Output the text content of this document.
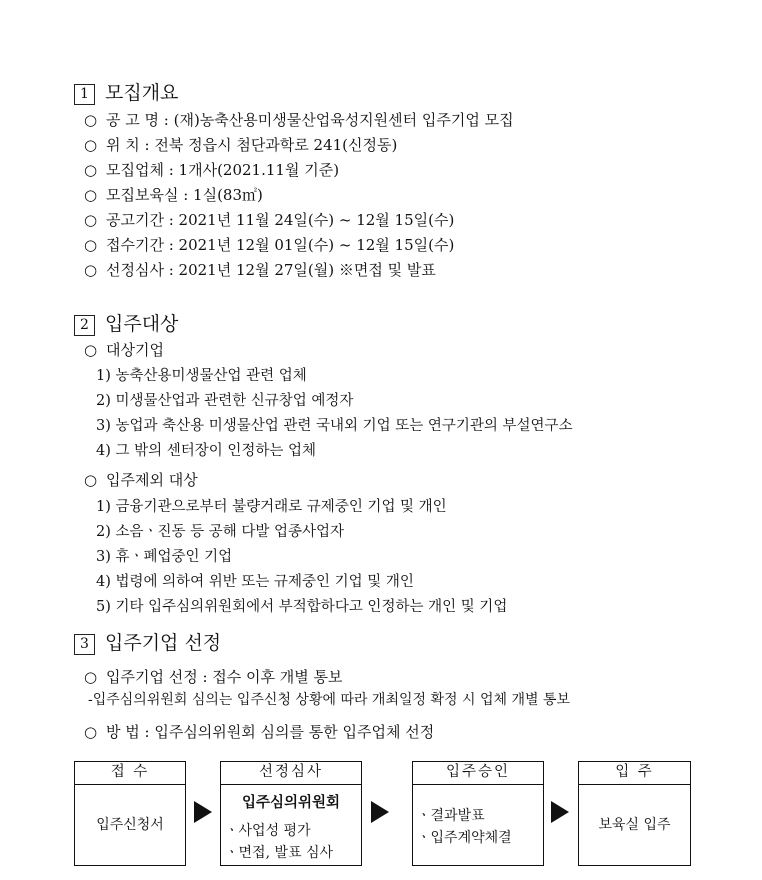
1 모집개요
○ 공 고 명 : (재)농축산용미생물산업육성지원센터 입주기업 모집
○ 위 치 : 전북 정읍시 첨단과학로 241(신정동)
○ 모집업체 : 1개사(2021.11월 기준)
○ 모집보육실 : 1실(83㎡)
○ 공고기간 : 2021년 11월 24일(수) ~ 12월 15일(수)
○ 접수기간 : 2021년 12월 01일(수) ~ 12월 15일(수)
○ 선정심사 : 2021년 12월 27일(월) ※면접 및 발표
2 입주대상
○ 대상기업
1) 농축산용미생물산업 관련 업체
2) 미생물산업과 관련한 신규창업 예정자
3) 농업과 축산용 미생물산업 관련 국내외 기업 또는 연구기관의 부설연구소
4) 그 밖의 센터장이 인정하는 업체
○ 입주제외 대상
1) 금융기관으로부터 불량거래로 규제중인 기업 및 개인
2) 소음ㆍ진동 등 공해 다발 업종사업자
3) 휴ㆍ폐업중인 기업
4) 법령에 의하여 위반 또는 규제중인 기업 및 개인
5) 기타 입주심의위원회에서 부적합하다고 인정하는 개인 및 기업
3 입주기업 선정
○ 입주기업 선정 : 접수 이후 개별 통보
-입주심의위원회 심의는 입주신청 상황에 따라 개최일정 확정 시 업체 개별 통보
○ 방 법 : 입주심의위원회 심의를 통한 입주업체 선정
접 수
입주신청서
선정심사
입주심의위원회
ㆍ사업성 평가
ㆍ면접, 발표 심사
입주승인
ㆍ결과발표
ㆍ입주계약체결
입 주
보육실 입주
